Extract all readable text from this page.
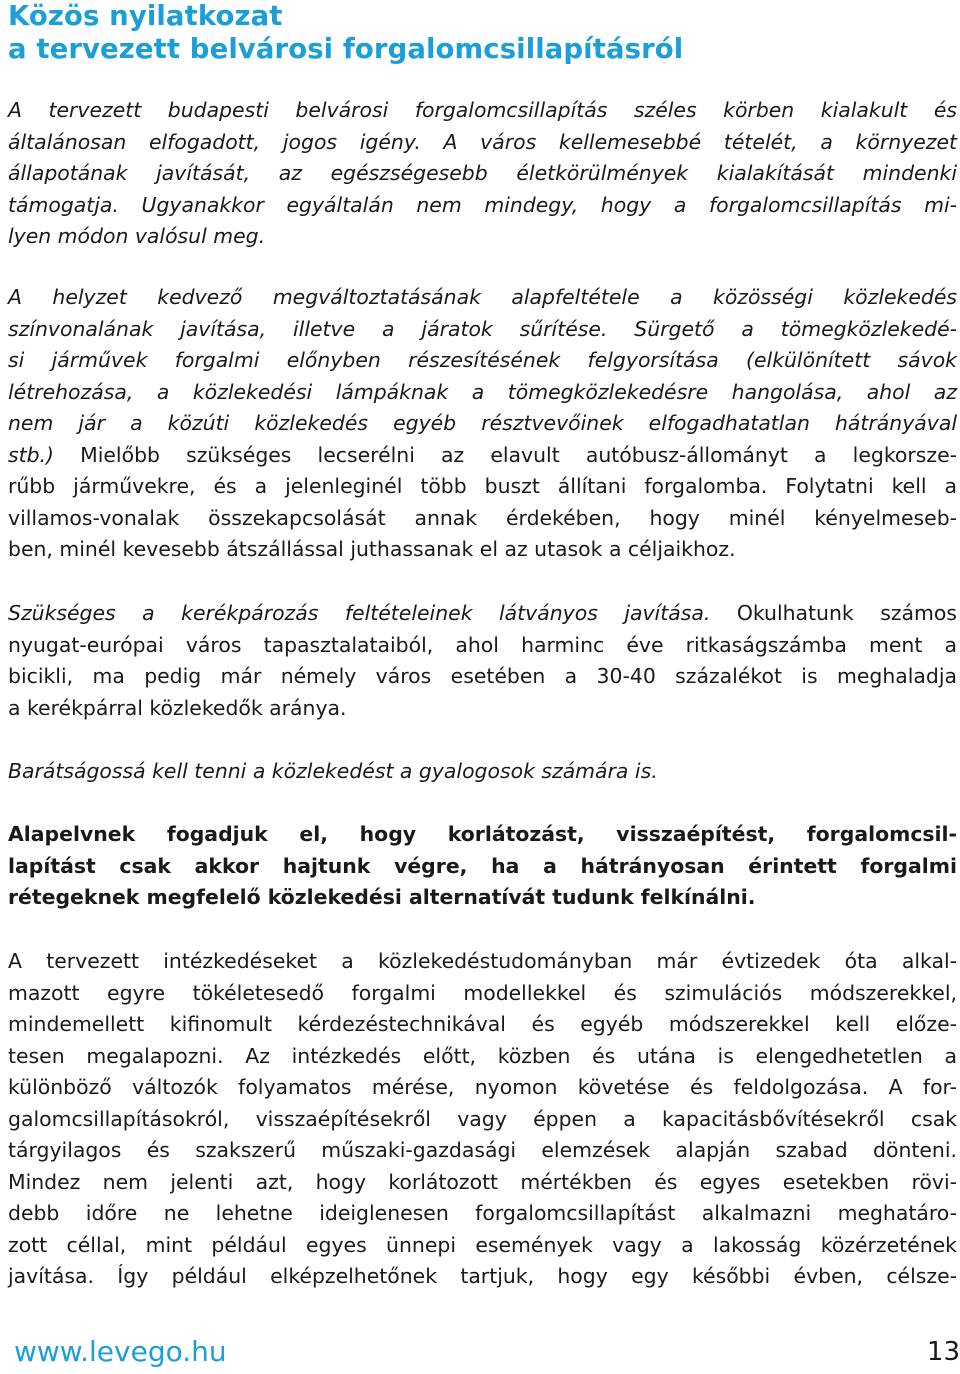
Közös nyilatkozat
a tervezett belvárosi forgalomcsillapításról
A tervezett budapesti belvárosi forgalomcsillapítás széles körben kialakult és
általánosan elfogadott, jogos igény. A város kellemesebbé tételét, a környezet
állapotának javítását, az egészségesebb életkörülmények kialakítását mindenki
támogatja. Ugyanakkor egyáltalán nem mindegy, hogy a forgalomcsillapítás mi-
lyen módon valósul meg.
A helyzet kedvező megváltoztatásának alapfeltétele a közösségi közlekedés
színvonalának javítása, illetve a járatok sűrítése. Sürgető a tömegközlekedé-
si járművek forgalmi előnyben részesítésének felgyorsítása (elkülönített sávok
létrehozása, a közlekedési lámpáknak a tömegközlekedésre hangolása, ahol az
nem jár a közúti közlekedés egyéb résztvevőinek elfogadhatatlan hátrányával
stb.) Mielőbb szükséges lecserélni az elavult autóbusz-állományt a legkorsze-
rűbb járművekre, és a jelenleginél több buszt állítani forgalomba. Folytatni kell a
villamos-vonalak összekapcsolását annak érdekében, hogy minél kényelmeseb-
ben, minél kevesebb átszállással juthassanak el az utasok a céljaikhoz.
Szükséges a kerékpározás feltételeinek látványos javítása. Okulhatunk számos
nyugat-európai város tapasztalataiból, ahol harminc éve ritkaságszámba ment a
bicikli, ma pedig már némely város esetében a 30-40 százalékot is meghaladja
a kerékpárral közlekedők aránya.
Barátságossá kell tenni a közlekedést a gyalogosok számára is.
Alapelvnek fogadjuk el, hogy korlátozást, visszaépítést, forgalomcsil-
lapítást csak akkor hajtunk végre, ha a hátrányosan érintett forgalmi
rétegeknek megfelelő közlekedési alternatívát tudunk felkínálni.
A tervezett intézkedéseket a közlekedéstudományban már évtizedek óta alkal-
mazott egyre tökéletesedő forgalmi modellekkel és szimulációs módszerekkel,
mindemellett kifinomult kérdezéstechnikával és egyéb módszerekkel kell előze-
tesen megalapozni. Az intézkedés előtt, közben és utána is elengedhetetlen a
különböző változók folyamatos mérése, nyomon követése és feldolgozása. A for-
galomcsillapításokról, visszaépítésekről vagy éppen a kapacitásbővítésekről csak
tárgyilagos és szakszerű műszaki-gazdasági elemzések alapján szabad dönteni.
Mindez nem jelenti azt, hogy korlátozott mértékben és egyes esetekben rövi-
debb időre ne lehetne ideiglenesen forgalomcsillapítást alkalmazni meghatáro-
zott céllal, mint például egyes ünnepi események vagy a lakosság közérzetének
javítása. Így például elképzelhetőnek tartjuk, hogy egy későbbi évben, célsze-
www.levego.hu	13
